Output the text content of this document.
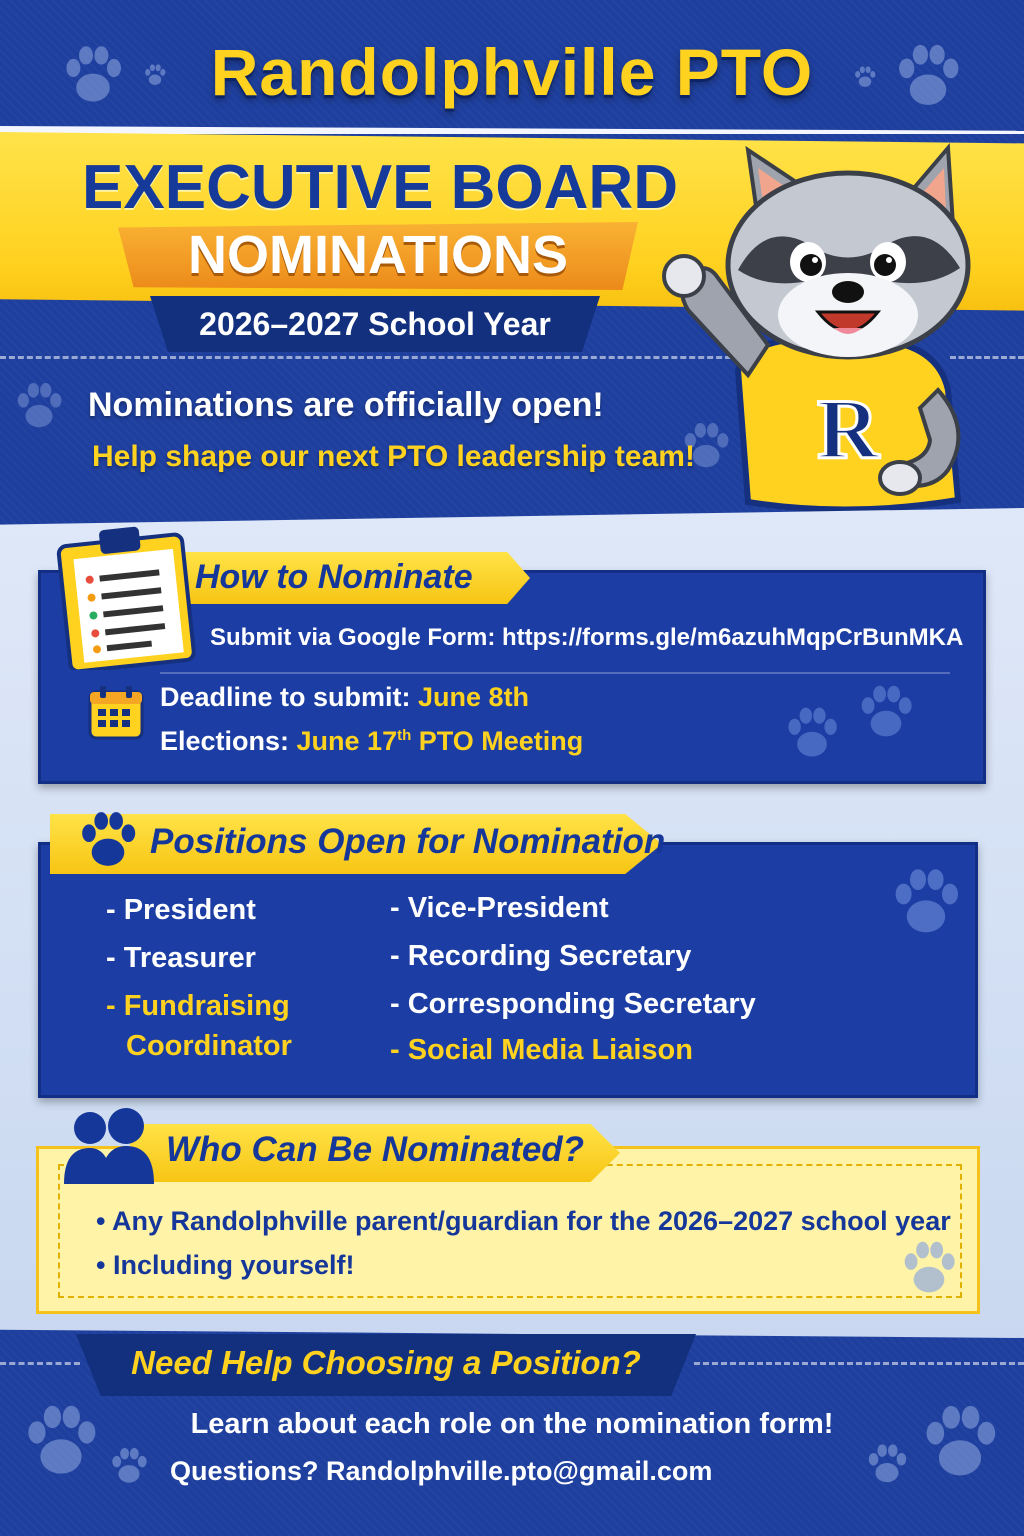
Randolphville PTO
EXECUTIVE BOARD
NOMINATIONS
2026–2027 School Year
Nominations are officially open!
Help shape our next PTO leadership team! R
How to Nominate
Submit via Google Form: https://forms.gle/m6azuhMqpCrBunMKA
Deadline to submit: June 8th
Elections: June 17th PTO Meeting
Positions Open for Nomination
- President
- Treasurer
- Fundraising
Coordinator
- Vice-President
- Recording Secretary
- Corresponding Secretary
- Social Media Liaison
Who Can Be Nominated?
• Any Randolphville parent/guardian for the 2026–2027 school year
• Including yourself!
Need Help Choosing a Position?
Learn about each role on the nomination form!
Questions? Randolphville.pto@gmail.com
